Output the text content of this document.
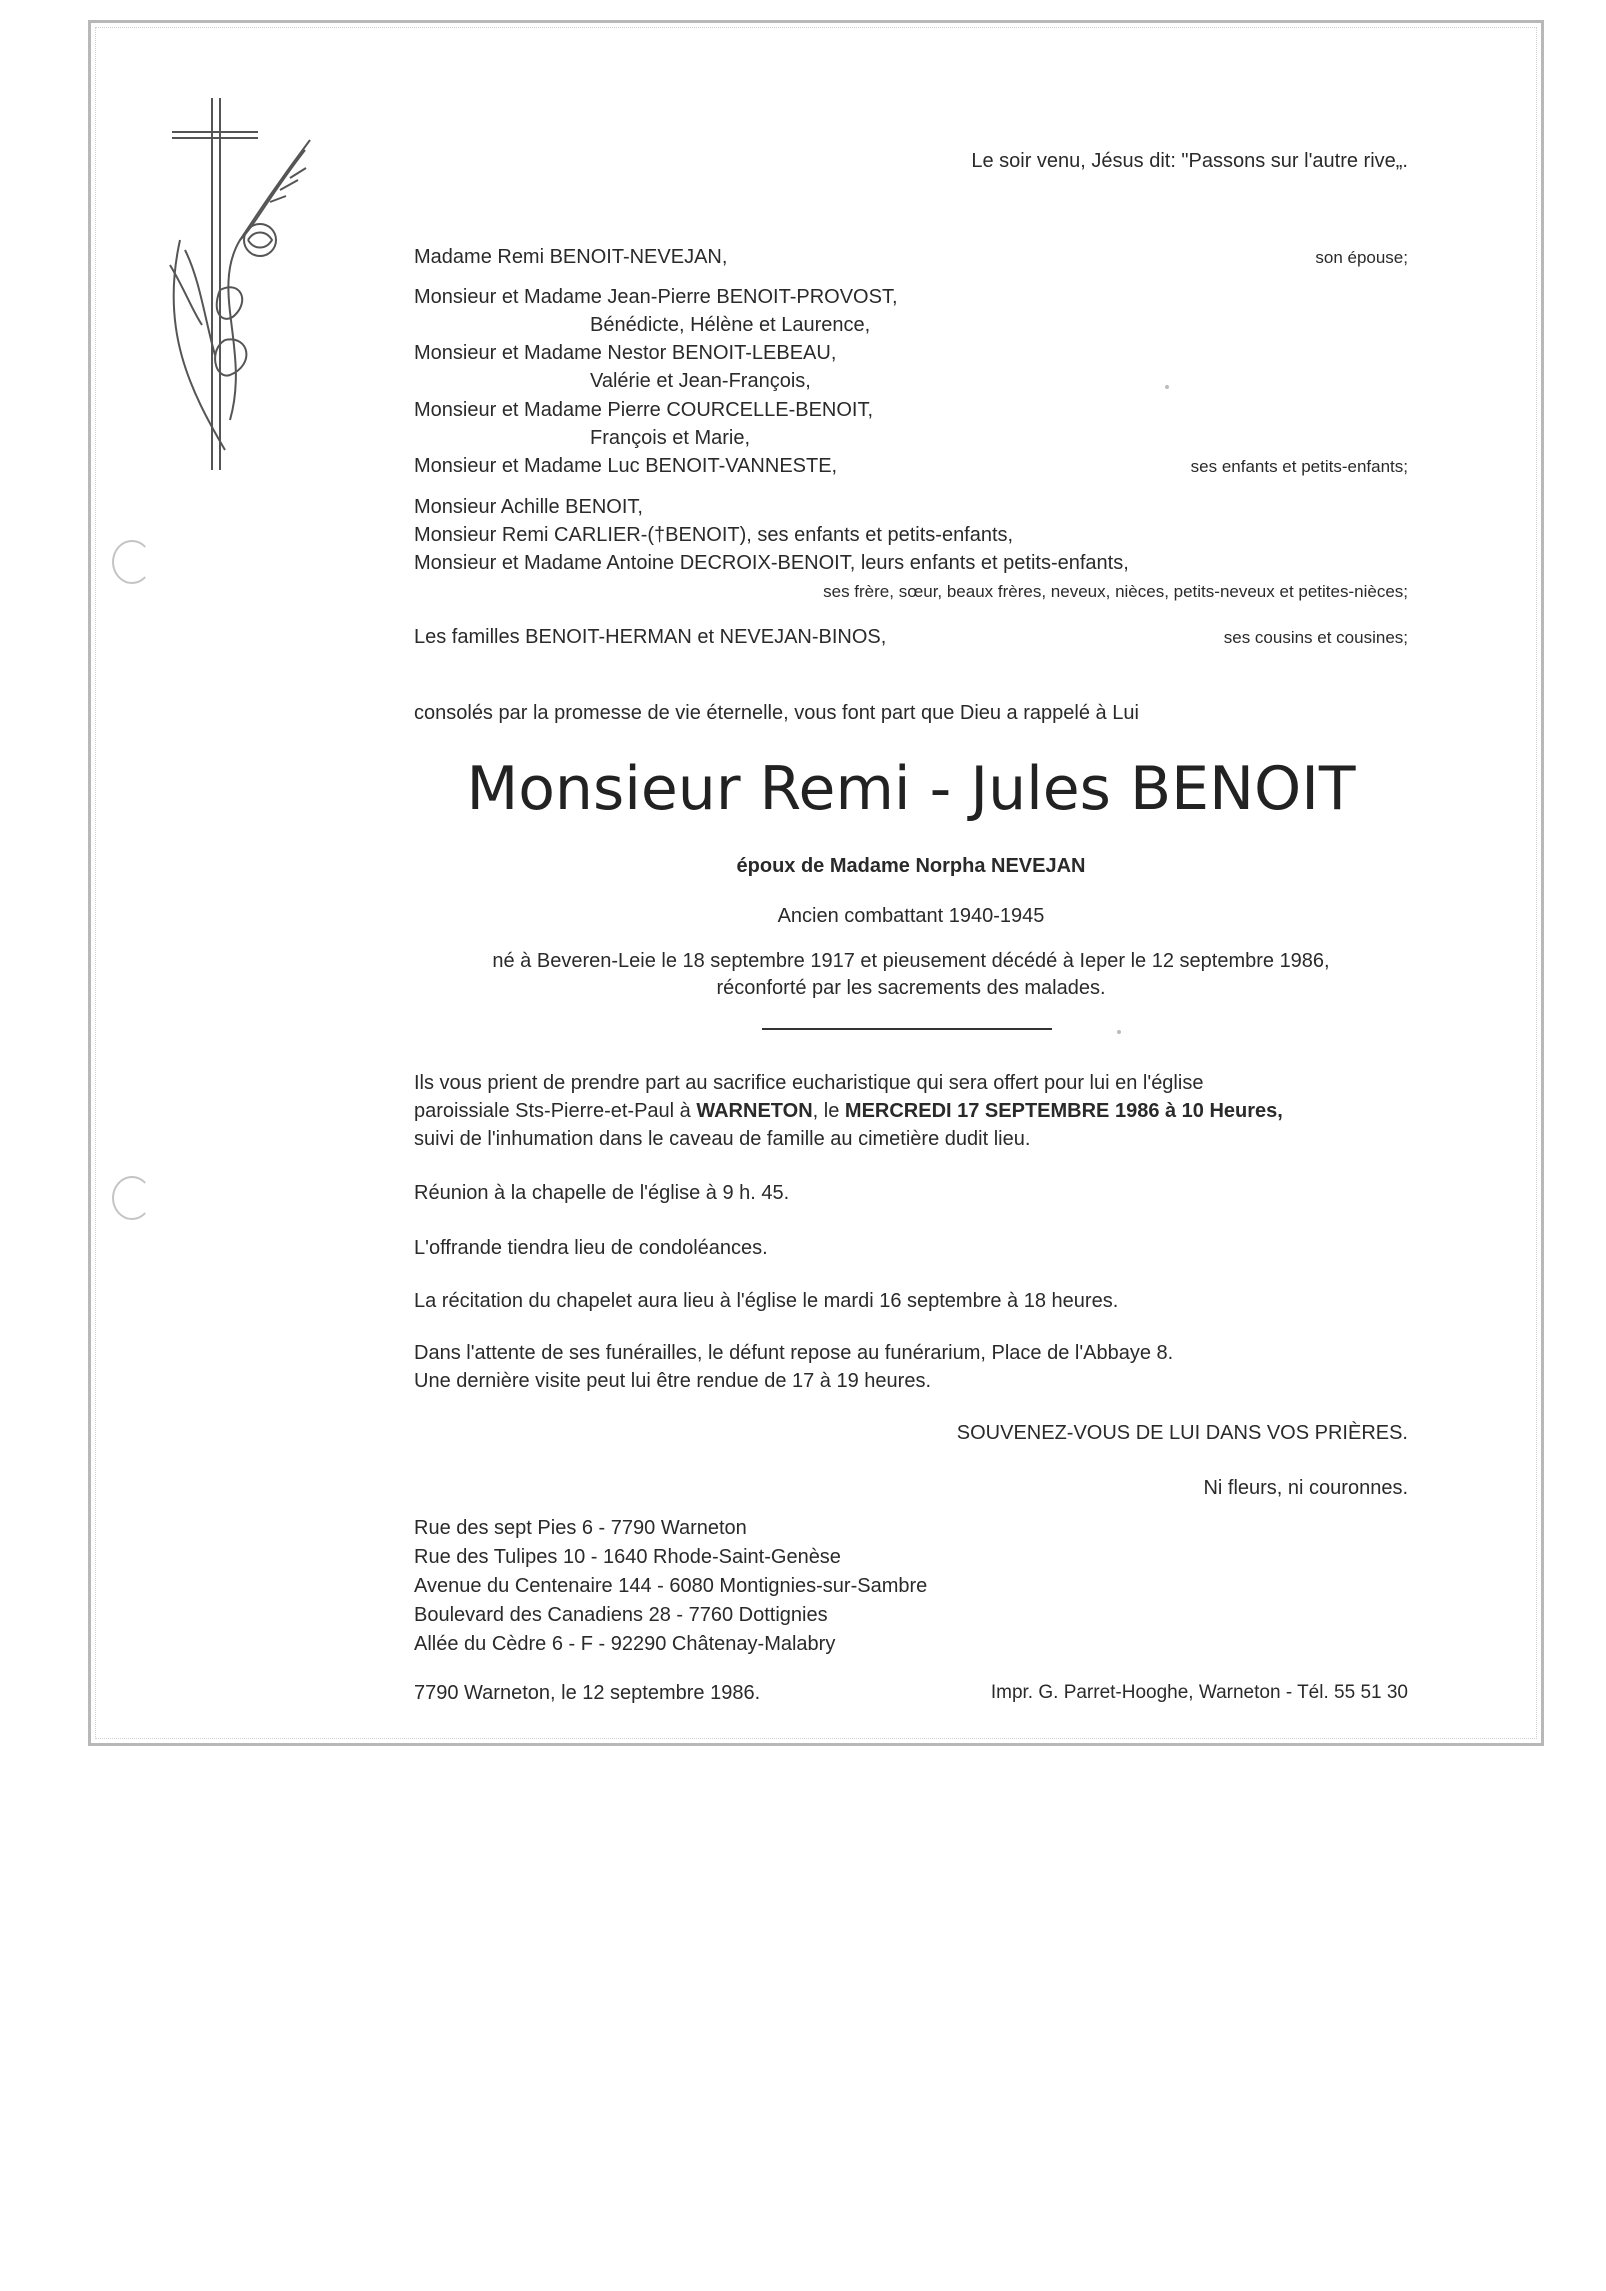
Le soir venu, Jésus dit: "Passons sur l'autre rive„.
Madame Remi BENOIT-NEVEJAN,	son épouse;
Monsieur et Madame Jean-Pierre BENOIT-PROVOST,
Bénédicte, Hélène et Laurence,
Monsieur et Madame Nestor BENOIT-LEBEAU,
Valérie et Jean-François,
Monsieur et Madame Pierre COURCELLE-BENOIT,
François et Marie,
Monsieur et Madame Luc BENOIT-VANNESTE,	ses enfants et petits-enfants;
Monsieur Achille BENOIT,
Monsieur Remi CARLIER-(†BENOIT), ses enfants et petits-enfants,
Monsieur et Madame Antoine DECROIX-BENOIT, leurs enfants et petits-enfants,
ses frère, sœur, beaux frères, neveux, nièces, petits-neveux et petites-nièces;
Les familles BENOIT-HERMAN et NEVEJAN-BINOS,	ses cousins et cousines;
consolés par la promesse de vie éternelle, vous font part que Dieu a rappelé à Lui
Monsieur Remi - Jules BENOIT
époux de Madame Norpha NEVEJAN
Ancien combattant 1940-1945
né à Beveren-Leie le 18 septembre 1917 et pieusement décédé à Ieper le 12 septembre 1986,
réconforté par les sacrements des malades.
Ils vous prient de prendre part au sacrifice eucharistique qui sera offert pour lui en l'église
paroissiale Sts-Pierre-et-Paul à WARNETON, le MERCREDI 17 SEPTEMBRE 1986 à 10 Heures,
suivi de l'inhumation dans le caveau de famille au cimetière dudit lieu.
Réunion à la chapelle de l'église à 9 h. 45.
L'offrande tiendra lieu de condoléances.
La récitation du chapelet aura lieu à l'église le mardi 16 septembre à 18 heures.
Dans l'attente de ses funérailles, le défunt repose au funérarium, Place de l'Abbaye 8.
Une dernière visite peut lui être rendue de 17 à 19 heures.
SOUVENEZ-VOUS DE LUI DANS VOS PRIÈRES.
Ni fleurs, ni couronnes.
Rue des sept Pies 6 - 7790 Warneton
Rue des Tulipes 10 - 1640 Rhode-Saint-Genèse
Avenue du Centenaire 144 - 6080 Montignies-sur-Sambre
Boulevard des Canadiens 28 - 7760 Dottignies
Allée du Cèdre 6 - F - 92290 Châtenay-Malabry
7790 Warneton, le 12 septembre 1986.	Impr. G. Parret-Hooghe, Warneton - Tél. 55 51 30
